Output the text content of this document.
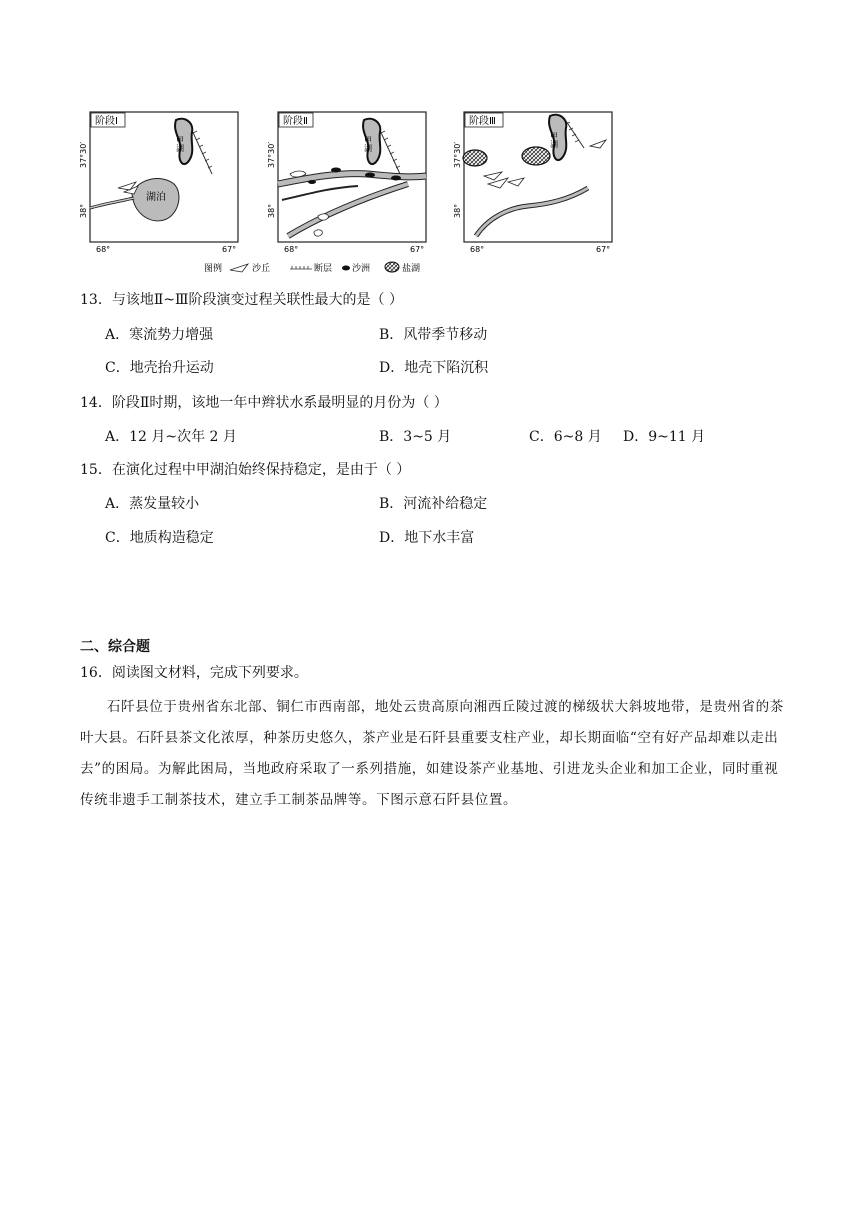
阶段Ⅰ
甲湖
湖泊
37°30′
38°
68°	67°
阶段Ⅱ
甲湖
37°30′
38°
68°	67°
阶段Ⅲ
甲湖
37°30′
38°
68°	67°
图例	沙丘	断层 沙洲	盐湖
13．与该地Ⅱ~Ⅲ阶段演变过程关联性最大的是（ ）
A．寒流势力增强	B．风带季节移动
C．地壳抬升运动	D．地壳下陷沉积
14．阶段Ⅱ时期，该地一年中辫状水系最明显的月份为（ ）
A．12 月~次年 2 月	B．3~5 月	C．6~8 月 D．9~11 月
15．在演化过程中甲湖泊始终保持稳定，是由于（ ）
A．蒸发量较小	B．河流补给稳定
C．地质构造稳定	D．地下水丰富
二、综合题
16．阅读图文材料，完成下列要求。
石阡县位于贵州省东北部、铜仁市西南部，地处云贵高原向湘西丘陵过渡的梯级状大斜坡地带，是贵州省的茶叶大县。石阡县茶文化浓厚，种茶历史悠久，茶产业是石阡县重要支柱产业，却长期面临“空有好产品却难以走出去”的困局。为解此困局，当地政府采取了一系列措施，如建设茶产业基地、引进龙头企业和加工企业，同时重视传统非遗手工制茶技术，建立手工制茶品牌等。下图示意石阡县位置。
